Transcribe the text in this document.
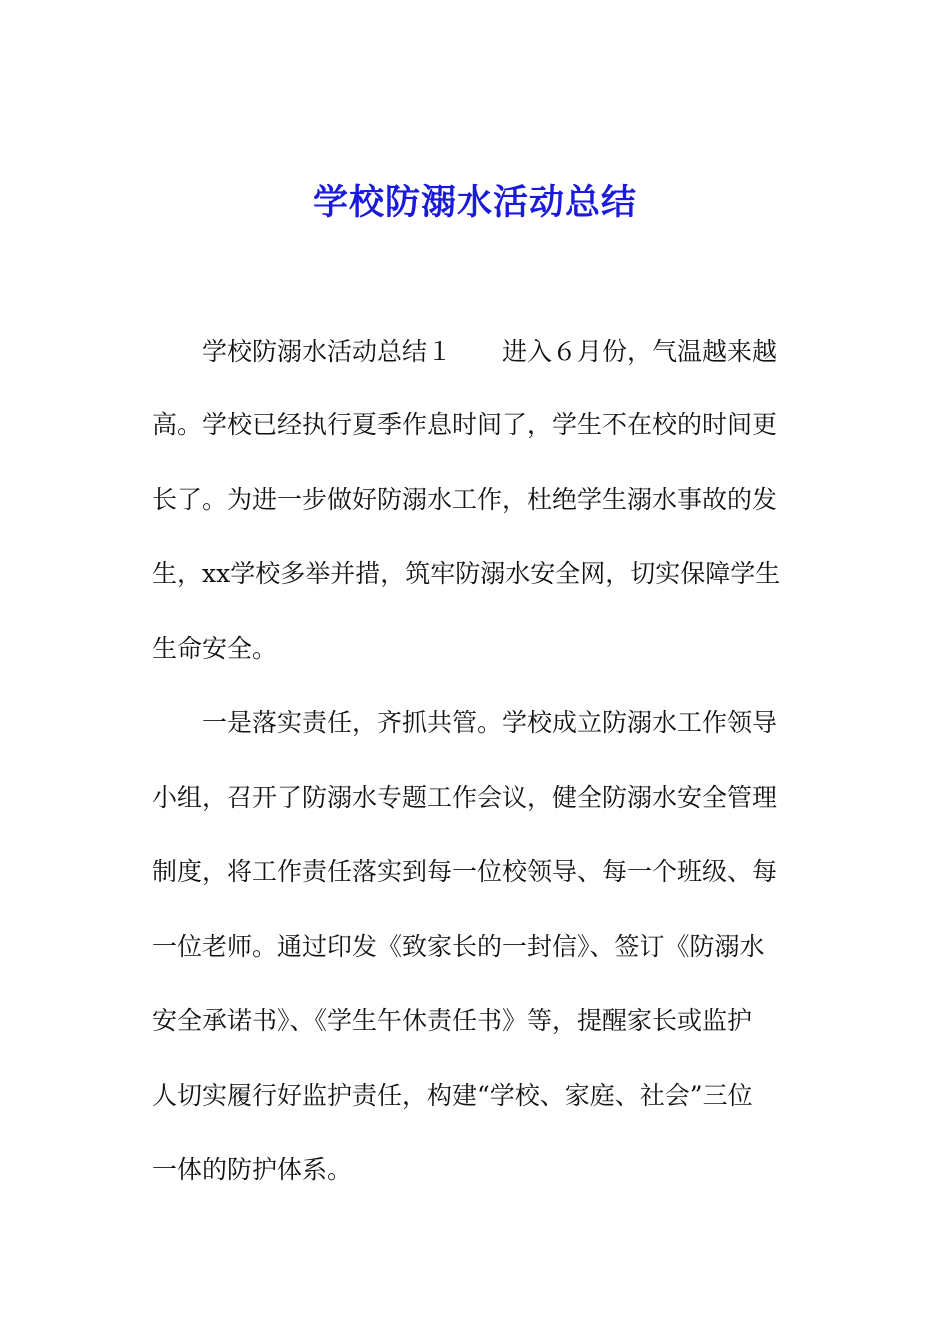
学校防溺水活动总结
学校防溺水活动总结１　　进入６月份，气温越来越
高。学校已经执行夏季作息时间了，学生不在校的时间更
长了。为进一步做好防溺水工作，杜绝学生溺水事故的发
生，xx学校多举并措，筑牢防溺水安全网，切实保障学生
生命安全。
一是落实责任，齐抓共管。学校成立防溺水工作领导
小组，召开了防溺水专题工作会议，健全防溺水安全管理
制度，将工作责任落实到每一位校领导、每一个班级、每
一位老师。通过印发《致家长的一封信》、签订《防溺水
安全承诺书》、《学生午休责任书》等，提醒家长或监护
人切实履行好监护责任，构建“学校、家庭、社会”三位
一体的防护体系。
